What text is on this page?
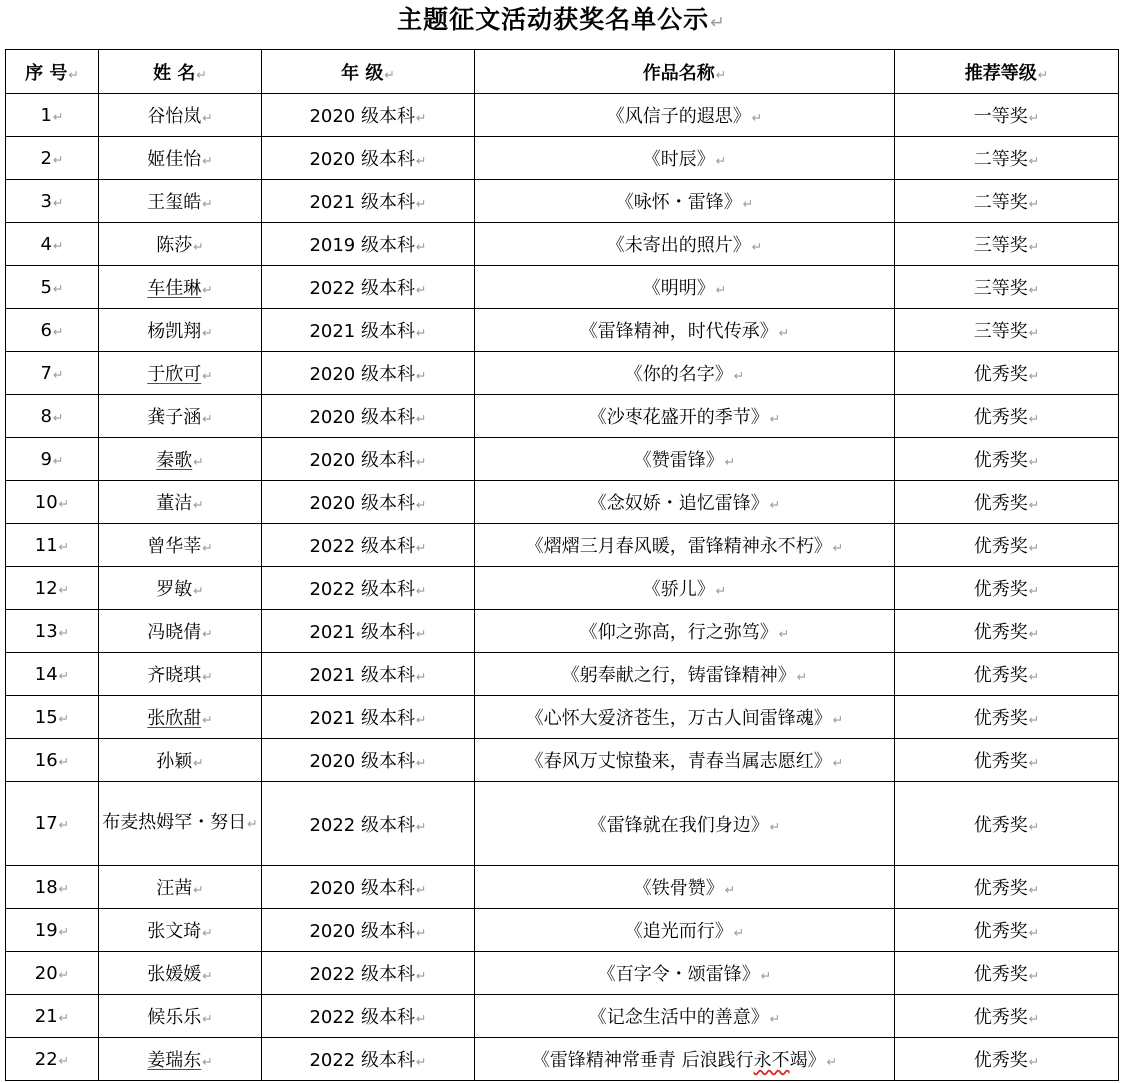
主题征文活动获奖名单公示↵
序 号↵	姓 名↵	年 级↵	作品名称↵	推荐等级↵
1↵	谷怡岚↵	2020 级本科↵	《风信子的遐思》↵	一等奖↵
2↵	姬佳怡↵	2020 级本科↵	《时辰》↵	二等奖↵
3↵	王玺皓↵	2021 级本科↵	《咏怀・雷锋》↵	二等奖↵
4↵	陈莎↵	2019 级本科↵	《未寄出的照片》↵	三等奖↵
5↵	车佳琳↵	2022 级本科↵	《明明》↵	三等奖↵
6↵	杨凯翔↵	2021 级本科↵	《雷锋精神，时代传承》↵	三等奖↵
7↵	于欣可↵	2020 级本科↵	《你的名字》↵	优秀奖↵
8↵	龚子涵↵	2020 级本科↵	《沙枣花盛开的季节》↵	优秀奖↵
9↵	秦歌↵	2020 级本科↵	《赞雷锋》↵	优秀奖↵
10↵	董洁↵	2020 级本科↵	《念奴娇・追忆雷锋》↵	优秀奖↵
11↵	曾华莘↵	2022 级本科↵	《熠熠三月春风暖，雷锋精神永不朽》↵	优秀奖↵
12↵	罗敏↵	2022 级本科↵	《骄儿》↵	优秀奖↵
13↵	冯晓倩↵	2021 级本科↵	《仰之弥高，行之弥笃》↵	优秀奖↵
14↵	齐晓琪↵	2021 级本科↵	《躬奉献之行，铸雷锋精神》↵	优秀奖↵
15↵	张欣甜↵	2021 级本科↵	《心怀大爱济苍生，万古人间雷锋魂》↵	优秀奖↵
16↵	孙颖↵	2020 级本科↵	《春风万丈惊蛰来，青春当属志愿红》↵	优秀奖↵
17↵	布麦热姆罕・努日↵	2022 级本科↵	《雷锋就在我们身边》↵	优秀奖↵
18↵	汪茜↵	2020 级本科↵	《铁骨赞》↵	优秀奖↵
19↵	张文琦↵	2020 级本科↵	《追光而行》↵	优秀奖↵
20↵	张媛媛↵	2022 级本科↵	《百字令・颂雷锋》↵	优秀奖↵
21↵	候乐乐↵	2022 级本科↵	《记念生活中的善意》↵	优秀奖↵
22↵	姜瑞东↵	2022 级本科↵	《雷锋精神常垂青 后浪践行永不竭》↵	优秀奖↵
